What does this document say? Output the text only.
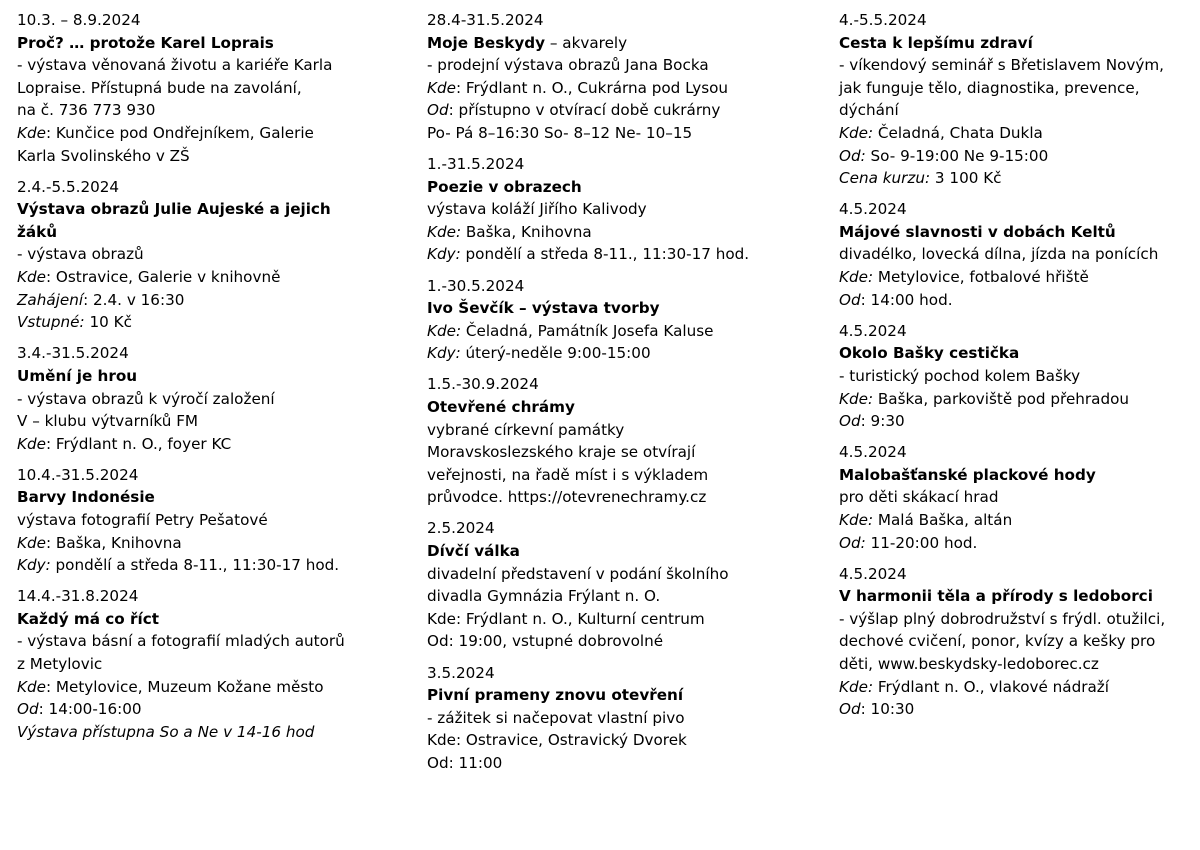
10.3. – 8.9.2024
Proč? … protože Karel Loprais
- výstava věnovaná životu a kariéře Karla
Lopraise. Přístupná bude na zavolání,
na č. 736 773 930
Kde: Kunčice pod Ondřejníkem, Galerie
Karla Svolinského v ZŠ
2.4.-5.5.2024
Výstava obrazů Julie Aujeské a jejich
žáků
- výstava obrazů
Kde: Ostravice, Galerie v knihovně
Zahájení: 2.4. v 16:30
Vstupné: 10 Kč
3.4.-31.5.2024
Umění je hrou
- výstava obrazů k výročí založení
V – klubu výtvarníků FM
Kde: Frýdlant n. O., foyer KC
10.4.-31.5.2024
Barvy Indonésie
výstava fotografií Petry Pešatové
Kde: Baška, Knihovna
Kdy: pondělí a středa 8-11., 11:30-17 hod.
14.4.-31.8.2024
Každý má co říct
- výstava básní a fotografií mladých autorů
z Metylovic
Kde: Metylovice, Muzeum Kožane město
Od: 14:00-16:00
Výstava přístupna So a Ne v 14-16 hod
28.4-31.5.2024
Moje Beskydy – akvarely
- prodejní výstava obrazů Jana Bocka
Kde: Frýdlant n. O., Cukrárna pod Lysou
Od: přístupno v otvírací době cukrárny
Po- Pá 8–16:30 So- 8–12 Ne- 10–15
1.-31.5.2024
Poezie v obrazech
výstava koláží Jiřího Kalivody
Kde: Baška, Knihovna
Kdy: pondělí a středa 8-11., 11:30-17 hod.
1.-30.5.2024
Ivo Ševčík – výstava tvorby
Kde: Čeladná, Památník Josefa Kaluse
Kdy: úterý-neděle 9:00-15:00
1.5.-30.9.2024
Otevřené chrámy
vybrané církevní památky
Moravskoslezského kraje se otvírají
veřejnosti, na řadě míst i s výkladem
průvodce. https://otevrenechramy.cz
2.5.2024
Dívčí válka
divadelní představení v podání školního
divadla Gymnázia Frýlant n. O.
Kde: Frýdlant n. O., Kulturní centrum
Od: 19:00, vstupné dobrovolné
3.5.2024
Pivní prameny znovu otevření
- zážitek si načepovat vlastní pivo
Kde: Ostravice, Ostravický Dvorek
Od: 11:00
4.-5.5.2024
Cesta k lepšímu zdraví
- víkendový seminář s Břetislavem Novým,
jak funguje tělo, diagnostika, prevence,
dýchání
Kde: Čeladná, Chata Dukla
Od: So- 9-19:00 Ne 9-15:00
Cena kurzu: 3 100 Kč
4.5.2024
Májové slavnosti v dobách Keltů
divadélko, lovecká dílna, jízda na ponících
Kde: Metylovice, fotbalové hřiště
Od: 14:00 hod.
4.5.2024
Okolo Bašky cestička
- turistický pochod kolem Bašky
Kde: Baška, parkoviště pod přehradou
Od: 9:30
4.5.2024
Malobašťanské plackové hody
pro děti skákací hrad
Kde: Malá Baška, altán
Od: 11-20:00 hod.
4.5.2024
V harmonii těla a přírody s ledoborci
- výšlap plný dobrodružství s frýdl. otužilci,
dechové cvičení, ponor, kvízy a kešky pro
děti, www.beskydsky-ledoborec.cz
Kde: Frýdlant n. O., vlakové nádraží
Od: 10:30
